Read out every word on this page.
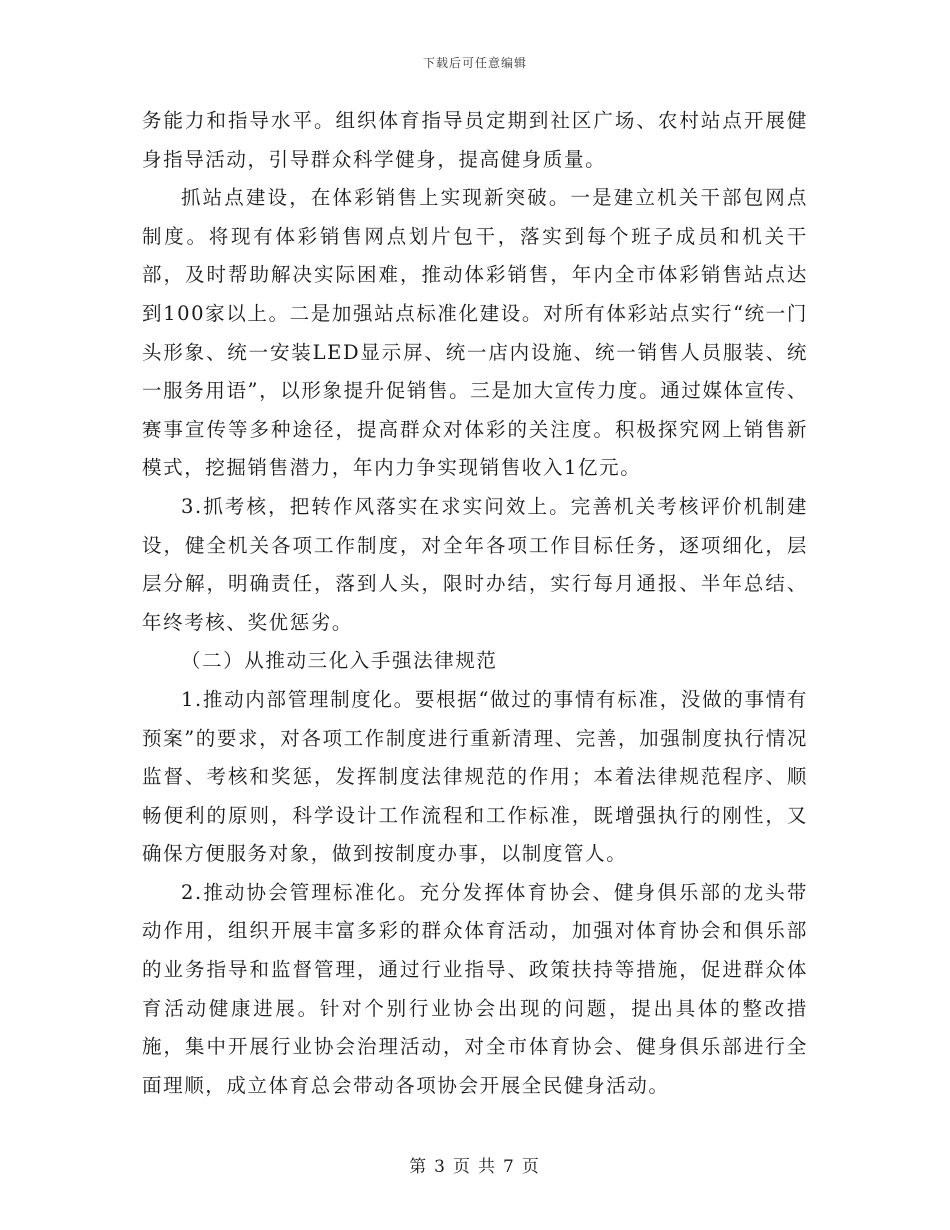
下载后可任意编辑

务能力和指导水平。组织体育指导员定期到社区广场、农村站点开展健身指导活动，引导群众科学健身，提高健身质量。

抓站点建设，在体彩销售上实现新突破。一是建立机关干部包网点制度。将现有体彩销售网点划片包干，落实到每个班子成员和机关干部，及时帮助解决实际困难，推动体彩销售，年内全市体彩销售站点达到100家以上。二是加强站点标准化建设。对所有体彩站点实行“统一门头形象、统一安装LED显示屏、统一店内设施、统一销售人员服装、统一服务用语”，以形象提升促销售。三是加大宣传力度。通过媒体宣传、赛事宣传等多种途径，提高群众对体彩的关注度。积极探究网上销售新模式，挖掘销售潜力，年内力争实现销售收入1亿元。

3.抓考核，把转作风落实在求实问效上。完善机关考核评价机制建设，健全机关各项工作制度，对全年各项工作目标任务，逐项细化，层层分解，明确责任，落到人头，限时办结，实行每月通报、半年总结、年终考核、奖优惩劣。

（二）从推动三化入手强法律规范

1.推动内部管理制度化。要根据“做过的事情有标准，没做的事情有预案”的要求，对各项工作制度进行重新清理、完善，加强制度执行情况监督、考核和奖惩，发挥制度法律规范的作用；本着法律规范程序、顺畅便利的原则，科学设计工作流程和工作标准，既增强执行的刚性，又确保方便服务对象，做到按制度办事，以制度管人。

2.推动协会管理标准化。充分发挥体育协会、健身俱乐部的龙头带动作用，组织开展丰富多彩的群众体育活动，加强对体育协会和俱乐部的业务指导和监督管理，通过行业指导、政策扶持等措施，促进群众体育活动健康进展。针对个别行业协会出现的问题，提出具体的整改措施，集中开展行业协会治理活动，对全市体育协会、健身俱乐部进行全面理顺，成立体育总会带动各项协会开展全民健身活动。

第 3 页 共 7 页
